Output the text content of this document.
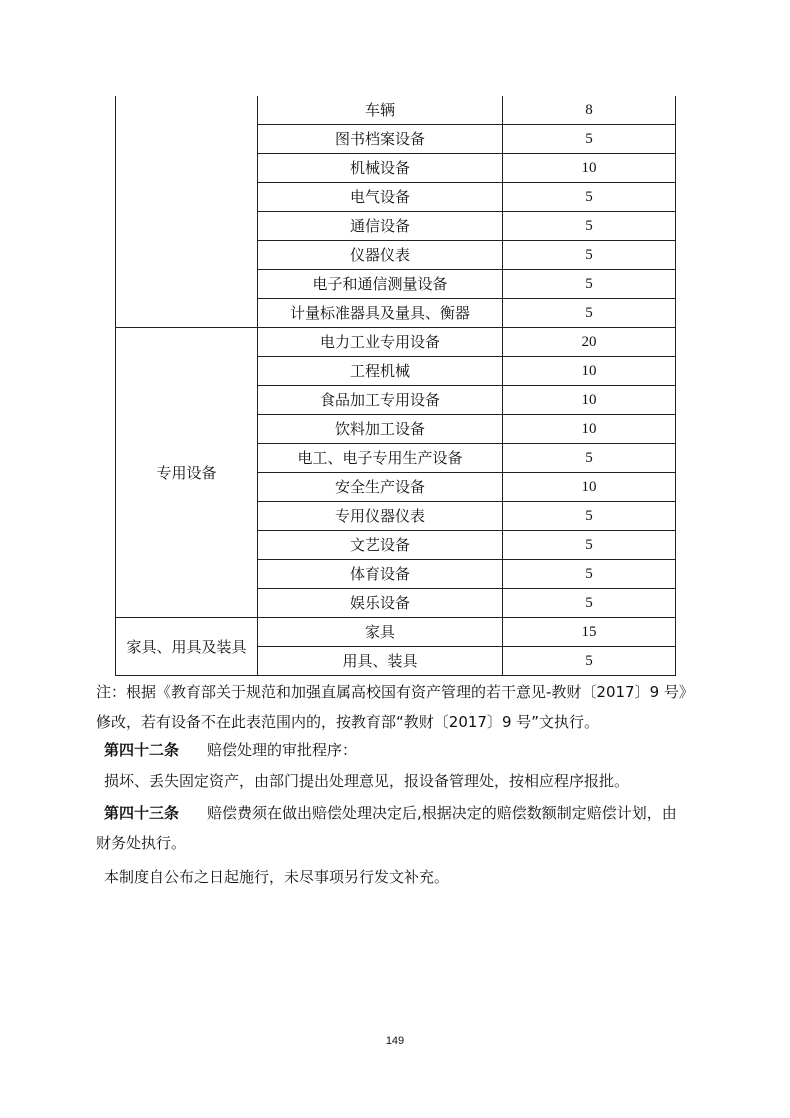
	车辆	8
	图书档案设备	5
	机械设备	10
	电气设备	5
	通信设备	5
	仪器仪表	5
	电子和通信测量设备	5
	计量标准器具及量具、衡器	5
专用设备	电力工业专用设备	20
	工程机械	10
	食品加工专用设备	10
	饮料加工设备	10
	电工、电子专用生产设备	5
	安全生产设备	10
	专用仪器仪表	5
	文艺设备	5
	体育设备	5
	娱乐设备	5
家具、用具及装具	家具	15
	用具、装具	5
注：根据《教育部关于规范和加强直属高校国有资产管理的若干意见-教财〔2017〕9 号》
修改，若有设备不在此表范围内的，按教育部“教财〔2017〕9 号”文执行。
第四十二条 赔偿处理的审批程序：
损坏、丢失固定资产，由部门提出处理意见，报设备管理处，按相应程序报批。
第四十三条 赔偿费须在做出赔偿处理决定后,根据决定的赔偿数额制定赔偿计划，由
财务处执行。
本制度自公布之日起施行，未尽事项另行发文补充。
149
